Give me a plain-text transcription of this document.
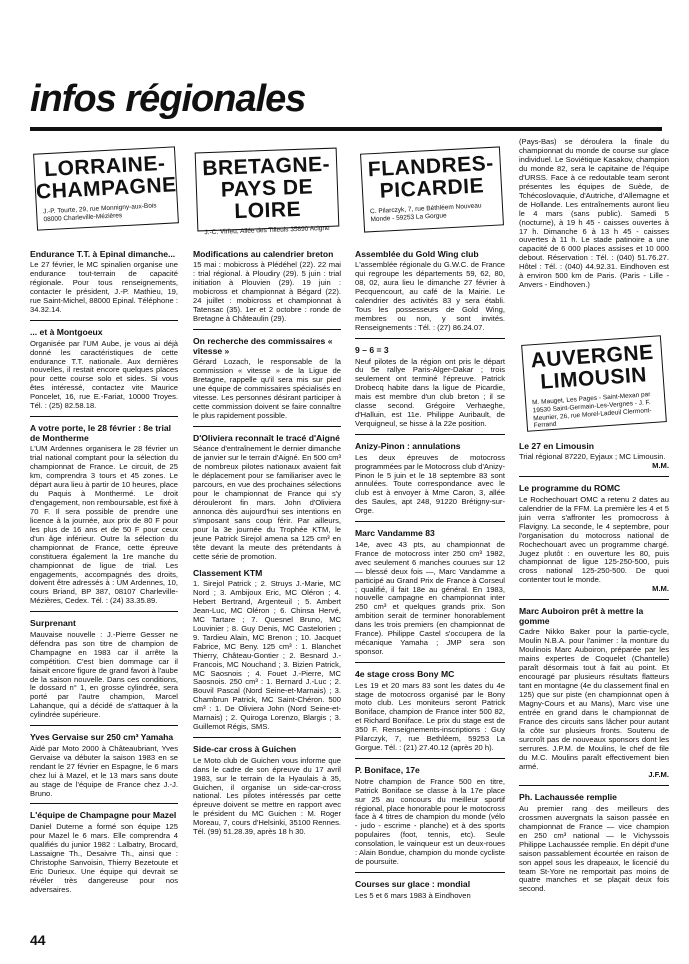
infos régionales
LORRAINE-CHAMPAGNE
J.-P. Tourte, 29, rue Monnigny-aux-Bois 08000 Charleville-Mézières
BRETAGNE-PAYS DE LOIRE
J.-C. Virfeu, Allée des Tilleuls 35690 Acigne
FLANDRES-PICARDIE
C. Pilarczyk, 7, rue Béthléem Nouveau Monde - 59253 La Gorgue
AUVERGNE LIMOUSIN
M. Mauget, Les Pages - Saint-Mexan par 19530 Saint-Germain-Les-Vergnes - J. F. Meunier, 26, rue Morel-Ladeuil Clermont-Ferrand
Endurance T.T. à Epinal dimanche...

Le 27 février, le MC spinalien organise une endurance tout-terrain de capacité régionale. Pour tous renseignements, contacter le président, J.-P. Mathieu, 19, rue Saint-Michel, 88000 Epinal. Téléphone : 34.32.14.

... et à Montgoeux

Organisée par l'UM Aube, je vous ai déjà donné les caractéristiques de cette endurance T.T. nationale. Aux dernières nouvelles, il restait encore quelques places pour cette course solo et sides. Si vous êtes intéressé, contactez vite Maurice Poncelet, 16, rue E.-Fariat, 10000 Troyes. Tél. : (25) 82.58.18.

A votre porte, le 28 février : 8e trial de Montherme

L'UM Ardennes organisera le 28 février un trial national comptant pour la sélection du championnat de France. Le circuit, de 25 km, comprendra 3 tours et 45 zones. Le départ aura lieu à partir de 10 heures, place du Paquis à Monthermé. Le droit d'engagement, non remboursable, est fixé à 70 F. Il sera possible de prendre une licence à la journée, aux prix de 80 F pour les plus de 16 ans et de 50 F pour ceux d'un âge inférieur. Outre la sélection du championnat de France, cette épreuve constituera également la 1re manche du championnat de ligue de trial. Les engagements, accompagnés des droits, doivent être adressés à : UM Ardennes, 10, cours Briand, BP 387, 08107 Charleville-Mézières, Cedex. Tél. : (24) 33.35.89.

Surprenant

Mauvaise nouvelle : J.-Pierre Gesser ne défendra pas son titre de champion de Champagne en 1983 car il arrête la compétition. C'est bien dommage car il faisait encore figure de grand favori à l'aube de la saison nouvelle. Dans ces conditions, le dossard n° 1, en grosse cylindrée, sera porté par l'autre champion, Marcel Lahanque, qui a décidé de s'attaquer à la cylindrée supérieure.

Yves Gervaise sur 250 cm³ Yamaha

Aidé par Moto 2000 à Châteaubriant, Yves Gervaise va débuter la saison 1983 en se rendant le 27 février en Espagne, le 6 mars chez lui à Mazel, et le 13 mars sans doute au stage de l'équipe de France chez J.-J. Bruno.

L'équipe de Champagne pour Mazel

Daniel Duterne a formé son équipe 125 pour Mazel le 6 mars. Elle comprendra 4 qualifiés du junior 1982 : Lalbatry, Brocard, Lassaigne Th., Desaivre Th., ainsi que : Christophe Sanvoisin, Thierry Bezetoute et Eric Durieux. Une équipe qui devrait se révéler très dangereuse pour nos adversaires.

Modifications au calendrier breton

15 mai : mobicross à Plédéhel (22). 22 mai : trial régional. à Ploudiry (29). 5 juin : trial initiation à Plouvien (29). 19 juin : mobicross et championnat à Bégard (22). 24 juillet : mobicross et championnat à Tatensac (35). 1er et 2 octobre : ronde de Bretagne à Châteaulin (29).

On recherche des commissaires « vitesse »

Gérard Lozach, le responsable de la commission « vitesse » de la Ligue de Bretagne, rappelle qu'il sera mis sur pied une équipe de commissaires spécialisés en vitesse. Les personnes désirant participer à cette commission doivent se faire connaître le plus rapidement possible.

D'Oliviera reconnaît le tracé d'Aigné

Séance d'entraînement le dernier dimanche de janvier sur le terrain d'Aigné. En 500 cm³ de nombreux pilotes nationaux avaient fait le déplacement pour se familiariser avec le parcours, en vue des prochaines sélections pour le championnat de France qui s'y dérouleront fin mars. John d'Oliviera annonca dès aujourd'hui ses intentions en s'imposant sans coup férir. Par ailleurs, pour la 3e journée du Trophée KTM, le jeune Patrick Sirejol amena sa 125 cm³ en tête devant la meute des prétendants à cette série de promotion.

Classement KTM

1. Sirejol Patrick ; 2. Struys J.-Marie, MC Nord ; 3. Ambijoux Eric, MC Oléron ; 4. Hebert Bertrand, Argenteuil ; 5. Ambert Jean-Luc, MC Oléron ; 6. Chinsa Hervé, MC Tartare ; 7. Quesnel Bruno, MC Louvinier ; 8. Guy Denis, MC Castelorien ; 9. Tardieu Alain, MC Brenon ; 10. Jacquet Fabrice, MC Beny. 125 cm³ : 1. Blanchet Thierry, Château-Gontier ; 2. Besnard J.-Francois, MC Nouchand ; 3. Bizien Patrick, MC Saosnois ; 4. Fouet J.-Pierre, MC Saosnois. 250 cm³ : 1. Bernard J.-Luc ; 2. Bouvil Pascal (Nord Seine-et-Marnais) ; 3. Chambrun Patrick, MC Saint-Chéron. 500 cm³ : 1. De Oliviera John (Nord Seine-et-Marnais) ; 2. Quiroga Lorenzo, Blargis ; 3. Guillemot Régis, SMS.

Side-car cross à Guichen

Le Moto club de Guichen vous informe que dans le cadre de son épreuve du 17 avril 1983, sur le terrain de la Hyaulais à 35, Guichen, il organise un side-car-cross national. Les pilotes intéressés par cette épreuve doivent se mettre en rapport avec le président du MC Guichen : M. Roger Moreau, 7, cours d'Helsinki, 35100 Rennes. Tél. (99) 51.28.39, après 18 h 30.

Assemblée du Gold Wing club

L'assemblée régionale du G.W.C. de France qui regroupe les départements 59, 62, 80, 08, 02, aura lieu le dimanche 27 février à Pecquencourt, au café de la Mairie. Le calendrier des activités 83 y sera établi. Tous les possesseurs de Gold Wing, membres ou non, y sont invités. Renseignements : Tél. : (27) 86.24.07.

9 – 6 = 3

Neuf pilotes de la région ont pris le départ du 5e rallye Paris-Alger-Dakar ; trois seulement ont terminé l'épreuve. Patrick Drobecq habite dans la ligue de Picardie, mais est membre d'un club breton ; il se classe second. Grégoire Verhaeghe, d'Halluin, est 11e. Philippe Auribault, de Verquigneul, se hisse à la 22e position.

Anizy-Pinon : annulations

Les deux épreuves de motocross programmées par le Motocross club d'Anizy-Pinon le 5 juin et le 18 septembre 83 sont annulées. Toute correspondance avec le club est à envoyer à Mme Caron, 3, allée des Saules, apt 248, 91220 Brétigny-sur-Orge.

Marc Vandamme 83

14e, avec 43 pts, au championnat de France de motocross inter 250 cm³ 1982, avec seulement 6 manches courues sur 12 — blessé deux fois —, Marc Vandamme a participé au Grand Prix de France à Corseul ; qualifié, il fait 18e au général. En 1983, nouvelle campagne en championnat inter 250 cm³ et quelques grands prix. Son ambition serait de terminer honorablement dans les trois premiers (en championnat de France). Philippe Castel s'occupera de la mécanique Yamaha ; JMP sera son sponsor.

4e stage cross Bony MC

Les 19 et 20 mars 83 sont les dates du 4e stage de motocross organisé par le Bony moto club. Les moniteurs seront Patrick Boniface, champion de France inter 500 82, et Richard Boniface. Le prix du stage est de 350 F. Renseignements-inscriptions : Guy Pilarczyk, 7, rue Bethléem, 59253 La Gorgue. Tél. : (21) 27.40.12 (après 20 h).

P. Boniface, 17e

Notre champion de France 500 en titre, Patrick Boniface se classe à la 17e place sur 25 au concours du meilleur sportif régional, place honorable pour le motocross face à 4 titres de champion du monde (vélo - judo - escrime - planche) et à des sports populaires (foot, tennis, etc). Seule consolation, le vainqueur est un deux-roues : Alain Bondue, champion du monde cycliste de poursuite.

Courses sur glace : mondial

Les 5 et 6 mars 1983 à Eindhoven

(Pays-Bas) se déroulera la finale du championnat du monde de course sur glace individuel. Le Soviétique Kasakov, champion du monde 82, sera le capitaine de l'équipe d'URSS. Face à ce redoutable team seront présentes les équipes de Suède, de Tchécoslovaquie, d'Autriche, d'Allemagne et de Hollande. Les entraînements auront lieu le 4 mars (sans public). Samedi 5 (nocturne), à 19 h 45 - caisses ouvertes à 17 h. Dimanche 6 à 13 h 45 - caisses ouvertes à 11 h. Le stade patinoire a une capacité de 6 000 places assises et 10 000 debout. Réservation : Tél. : (040) 51.76.27. Hôtel : Tél. : (040) 44.92.31. Eindhoven est à environ 500 km de Paris. (Paris - Lille - Anvers - Eindhoven.)

Le 27 en Limousin

Trial régional 87220, Eyjaux ; MC Limousin.

M.M.

Le programme du ROMC

Le Rochechouart OMC a retenu 2 dates au calendrier de la FFM. La première les 4 et 5 juin verra s'affronter les promocross à Flavigny. La seconde, le 4 septembre, pour l'organisation du motocross national de Rochechouart avec un programme chargé. Jugez plutôt : en ouverture les 80, puis championnat de ligue 125-250-500, puis cross national 125-250-500. De quoi contenter tout le monde.

M.M.

Marc Auboiron prêt à mettre la gomme

Cadre Nikko Baker pour la partie-cycle, Moulin N.B.A. pour l'animer : la monture du Moulinois Marc Auboiron, préparée par les mains expertes de Coquelet (Chantelle) paraît désormais tout à fait au point. Et encouragé par plusieurs résultats flatteurs tant en montagne (4e du classement final en 125) que sur piste (en championnat open à Magny-Cours et au Mans), Marc vise une entrée en grand dans le championnat de France des circuits sans lâcher pour autant la côte sur plusieurs fronts. Soutenu de surcroît pas de nouveaux sponsors dont les serrures. J.P.M. de Moulins, le chef de file du M.C. Moulins paraît effectivement bien armé.

J.F.M.

Ph. Lachaussée remplie

Au premier rang des meilleurs des crossmen auvergnats la saison passée en championnat de France — vice champion en 250 cm³ national — le Vichyssois Philippe Lachaussée remplie. En dépit d'une saison passablement écourtée en raison de son appel sous les drapeaux, le licencié du team St-Yore ne remportait pas moins de quatre manches et se plaçait deux fois second.

44
